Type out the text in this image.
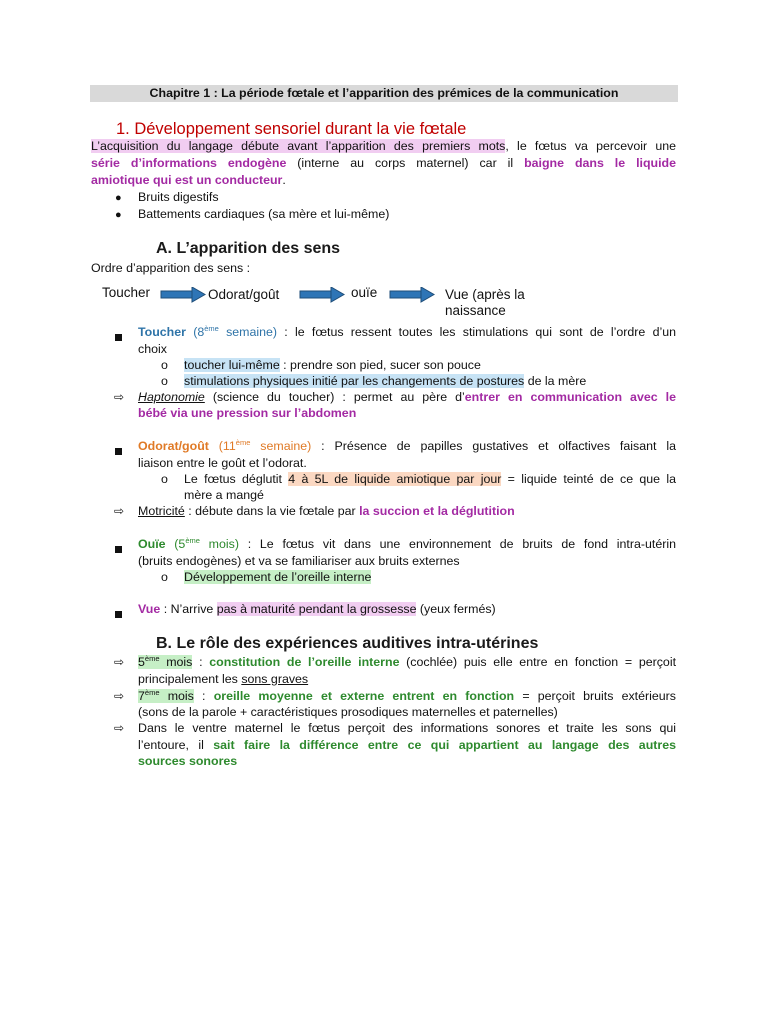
Chapitre 1 : La période fœtale et l’apparition des prémices de la communication
1. Développement sensoriel durant la vie fœtale
L’acquisition du langage débute avant l’apparition des premiers mots, le fœtus va percevoir une
série d’informations endogène (interne au corps maternel) car il baigne dans le liquide
amiotique qui est un conducteur.
● Bruits digestifs
● Battements cardiaques (sa mère et lui-même)
A. L’apparition des sens
Ordre d’apparition des sens :
Toucher	Odorat/goût	ouïe	Vue (après la
naissance
Toucher (8ème semaine) : le fœtus ressent toutes les stimulations qui sont de l’ordre d’un
choix
o toucher lui-même : prendre son pied, sucer son pouce
o stimulations physiques initié par les changements de postures de la mère
⇨ Haptonomie (science du toucher) : permet au père d’entrer en communication avec le
bébé via une pression sur l’abdomen
Odorat/goût (11ème semaine) : Présence de papilles gustatives et olfactives faisant la
liaison entre le goût et l’odorat.
o Le fœtus déglutit 4 à 5L de liquide amiotique par jour = liquide teinté de ce que la
mère a mangé
⇨ Motricité : débute dans la vie fœtale par la succion et la déglutition
Ouïe (5ème mois) : Le fœtus vit dans une environnement de bruits de fond intra-utérin
(bruits endogènes) et va se familiariser aux bruits externes
o Développement de l’oreille interne
Vue : N’arrive pas à maturité pendant la grossesse (yeux fermés)
B. Le rôle des expériences auditives intra-utérines
⇨ 5ème mois : constitution de l’oreille interne (cochlée) puis elle entre en fonction = perçoit
principalement les sons graves
⇨ 7ème mois : oreille moyenne et externe entrent en fonction = perçoit bruits extérieurs
(sons de la parole + caractéristiques prosodiques maternelles et paternelles)
⇨ Dans le ventre maternel le fœtus perçoit des informations sonores et traite les sons qui
l’entoure, il sait faire la différence entre ce qui appartient au langage des autres
sources sonores
